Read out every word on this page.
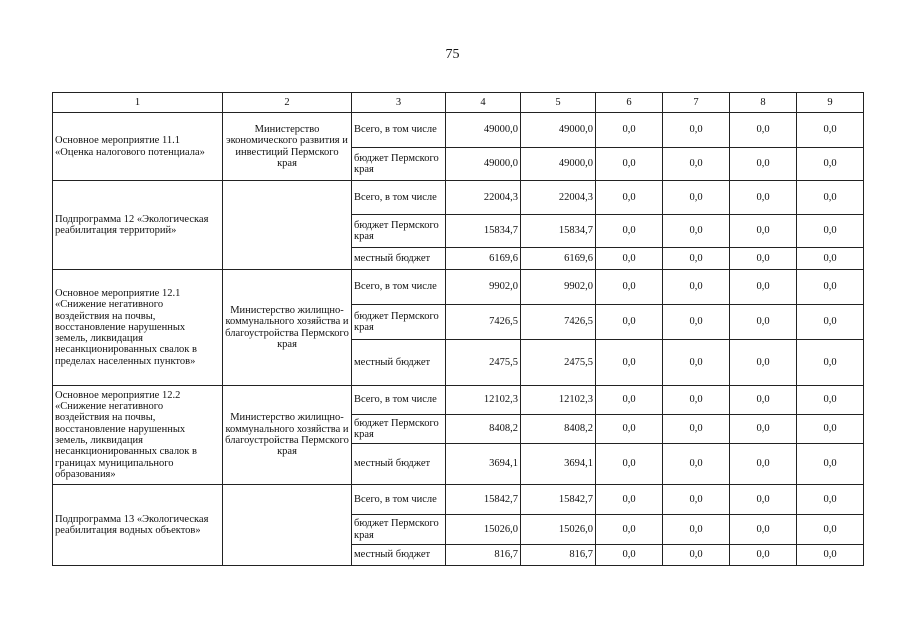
75
1	2	3	4	5	6	7	8	9
Основное мероприятие 11.1 «Оценка налогового потенциала»	Министерство экономического развития и инвестиций Пермского края	Всего, в том числе	49000,0	49000,0	0,0	0,0	0,0	0,0
		бюджет Пермского края	49000,0	49000,0	0,0	0,0	0,0	0,0
Подпрограмма 12 «Экологическая реабилитация территорий»		Всего, в том числе	22004,3	22004,3	0,0	0,0	0,0	0,0
		бюджет Пермского края	15834,7	15834,7	0,0	0,0	0,0	0,0
		местный бюджет	6169,6	6169,6	0,0	0,0	0,0	0,0
Основное мероприятие 12.1 «Снижение негативного воздействия на почвы, восстановление нарушенных земель, ликвидация несанкционированных свалок в пределах населенных пунктов»	Министерство жилищно-коммунального хозяйства и благоустройства Пермского края	Всего, в том числе	9902,0	9902,0	0,0	0,0	0,0	0,0
		бюджет Пермского края	7426,5	7426,5	0,0	0,0	0,0	0,0
		местный бюджет	2475,5	2475,5	0,0	0,0	0,0	0,0
Основное мероприятие 12.2 «Снижение негативного воздействия на почвы, восстановление нарушенных земель, ликвидация несанкционированных свалок в границах муниципального образования»	Министерство жилищно-коммунального хозяйства и благоустройства Пермского края	Всего, в том числе	12102,3	12102,3	0,0	0,0	0,0	0,0
		бюджет Пермского края	8408,2	8408,2	0,0	0,0	0,0	0,0
		местный бюджет	3694,1	3694,1	0,0	0,0	0,0	0,0
Подпрограмма 13 «Экологическая реабилитация водных объектов»		Всего, в том числе	15842,7	15842,7	0,0	0,0	0,0	0,0
		бюджет Пермского края	15026,0	15026,0	0,0	0,0	0,0	0,0
		местный бюджет	816,7	816,7	0,0	0,0	0,0	0,0
